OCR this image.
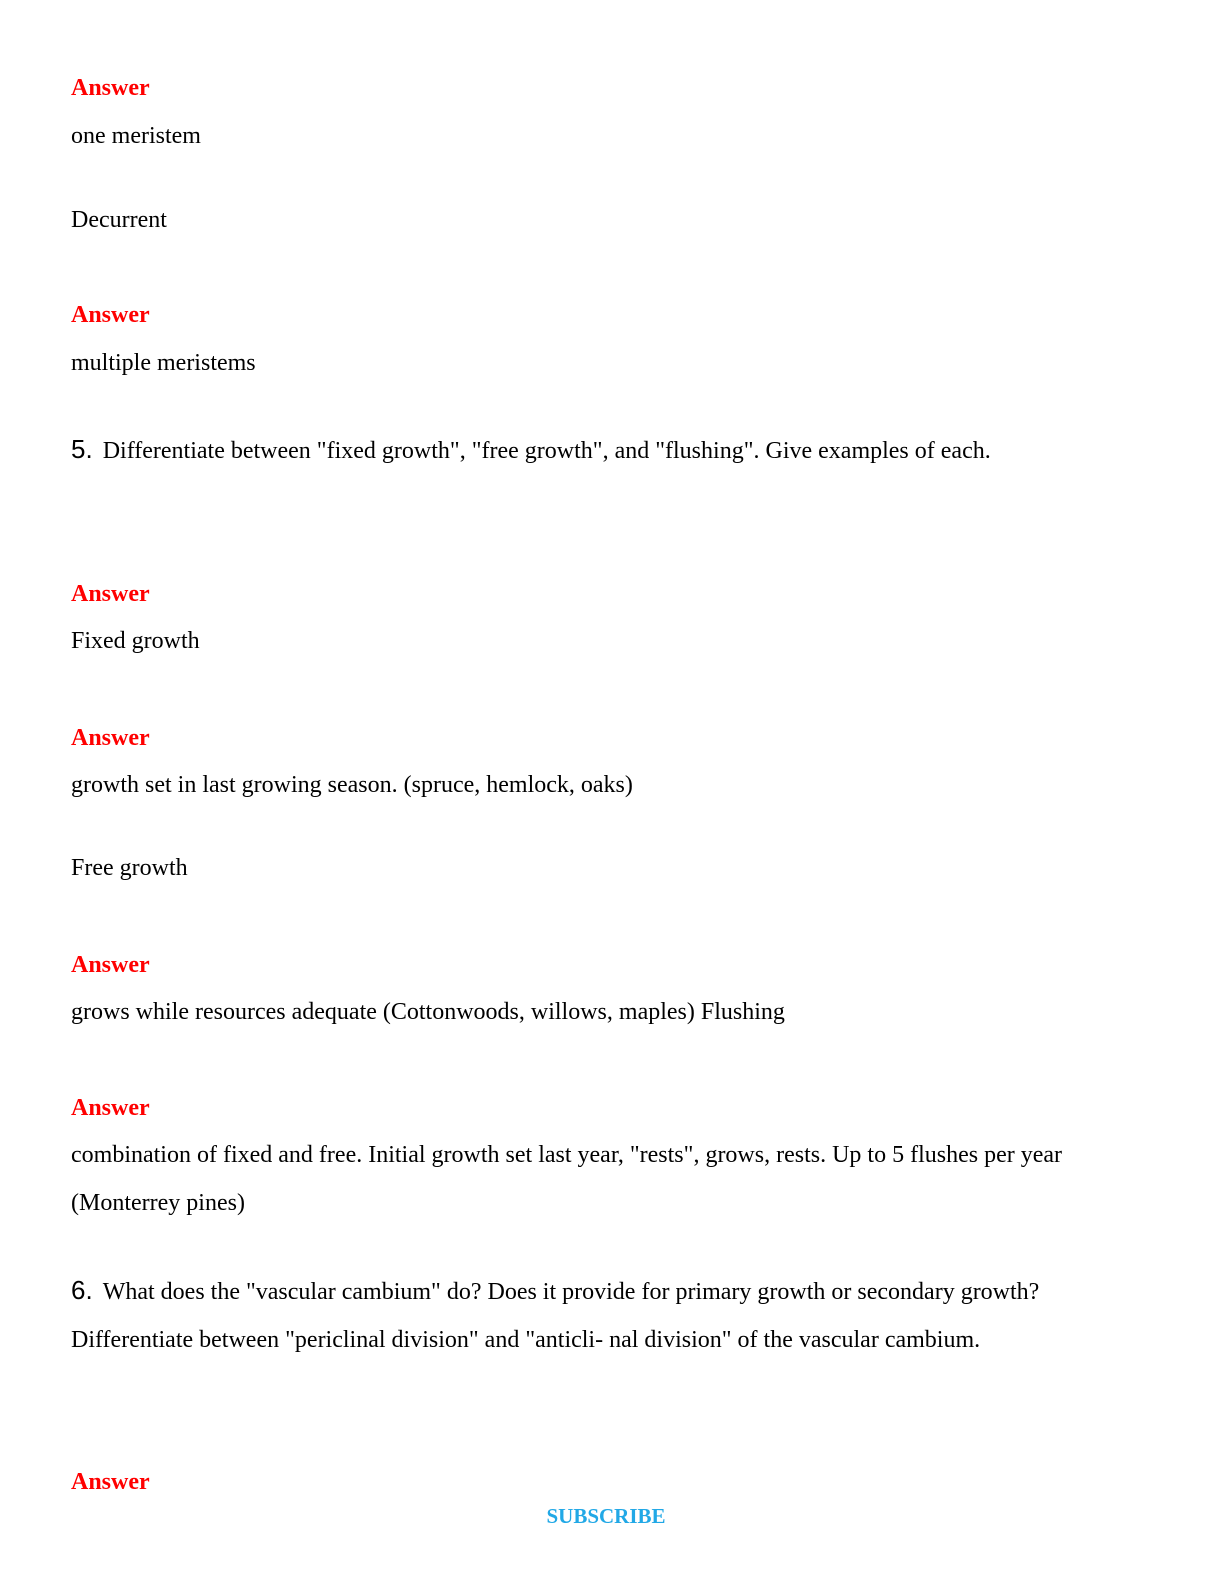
Answer
one meristem
Decurrent
Answer
multiple meristems
5. Differentiate between "fixed growth", "free growth", and "flushing". Give examples of each.
Answer
Fixed growth
Answer
growth set in last growing season. (spruce, hemlock, oaks)
Free growth
Answer
grows while resources adequate (Cottonwoods, willows, maples) Flushing
Answer
combination of fixed and free. Initial growth set last year, "rests", grows, rests. Up to 5 flushes per year (Monterrey pines)
6. What does the "vascular cambium" do? Does it provide for primary growth or secondary growth? Differentiate between "periclinal division" and "anticli- nal division" of the vascular cambium.
Answer
SUBSCRIBE
